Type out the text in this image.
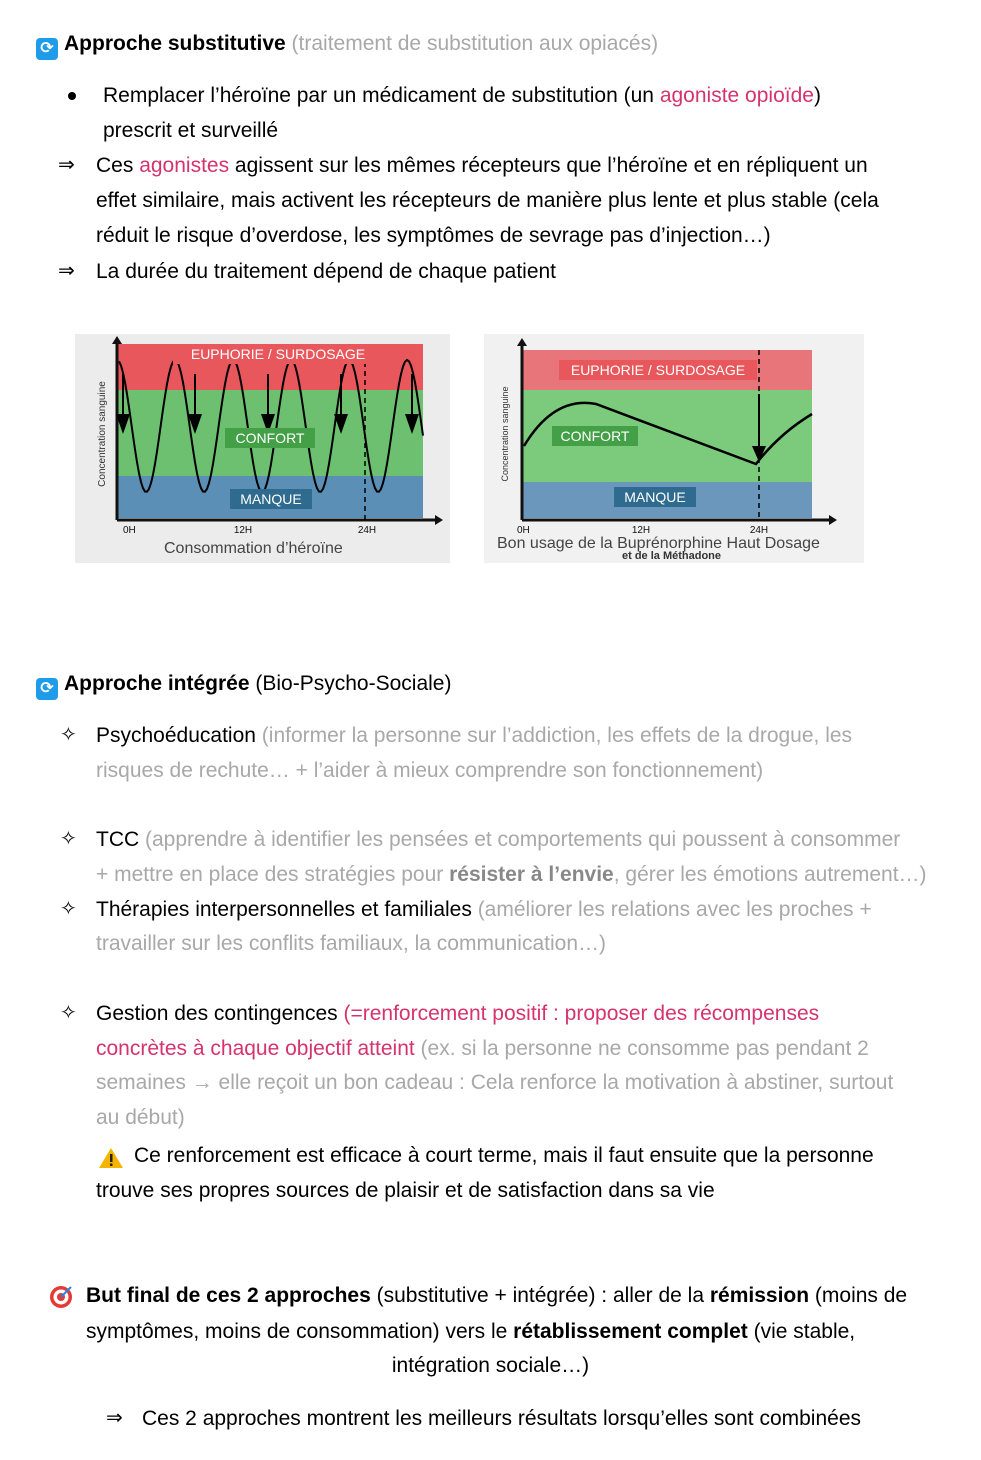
⟳ Approche substitutive (traitement de substitution aux opiacés)
Remplacer l’héroïne par un médicament de substitution (un agoniste opioïde)
prescrit et surveillé
⇒ Ces agonistes agissent sur les mêmes récepteurs que l’héroïne et en répliquent un
effet similaire, mais activent les récepteurs de manière plus lente et plus stable (cela
réduit le risque d’overdose, les symptômes de sevrage pas d’injection…)
⇒ La durée du traitement dépend de chaque patient
EUPHORIE / SURDOSAGE
CONFORT
MANQUE
Concentration sanguine
0H	12H	24H
Consommation d’héroïne
EUPHORIE / SURDOSAGE
CONFORT
MANQUE
Concentration sanguine
0H	12H	24H
Bon usage de la Buprénorphine Haut Dosage
et de la Méthadone
⟳ Approche intégrée (Bio-Psycho-Sociale)
✧ Psychoéducation (informer la personne sur l’addiction, les effets de la drogue, les
risques de rechute… + l’aider à mieux comprendre son fonctionnement)
✧ TCC (apprendre à identifier les pensées et comportements qui poussent à consommer
+ mettre en place des stratégies pour résister à l’envie, gérer les émotions autrement…)
✧ Thérapies interpersonnelles et familiales (améliorer les relations avec les proches +
travailler sur les conflits familiaux, la communication…)
✧ Gestion des contingences (=renforcement positif : proposer des récompenses
concrètes à chaque objectif atteint (ex. si la personne ne consomme pas pendant 2
semaines → elle reçoit un bon cadeau : Cela renforce la motivation à abstiner, surtout
au début)
Ce renforcement est efficace à court terme, mais il faut ensuite que la personne
trouve ses propres sources de plaisir et de satisfaction dans sa vie
But final de ces 2 approches (substitutive + intégrée) : aller de la rémission (moins de
symptômes, moins de consommation) vers le rétablissement complet (vie stable,
intégration sociale…)
⇒ Ces 2 approches montrent les meilleurs résultats lorsqu’elles sont combinées
